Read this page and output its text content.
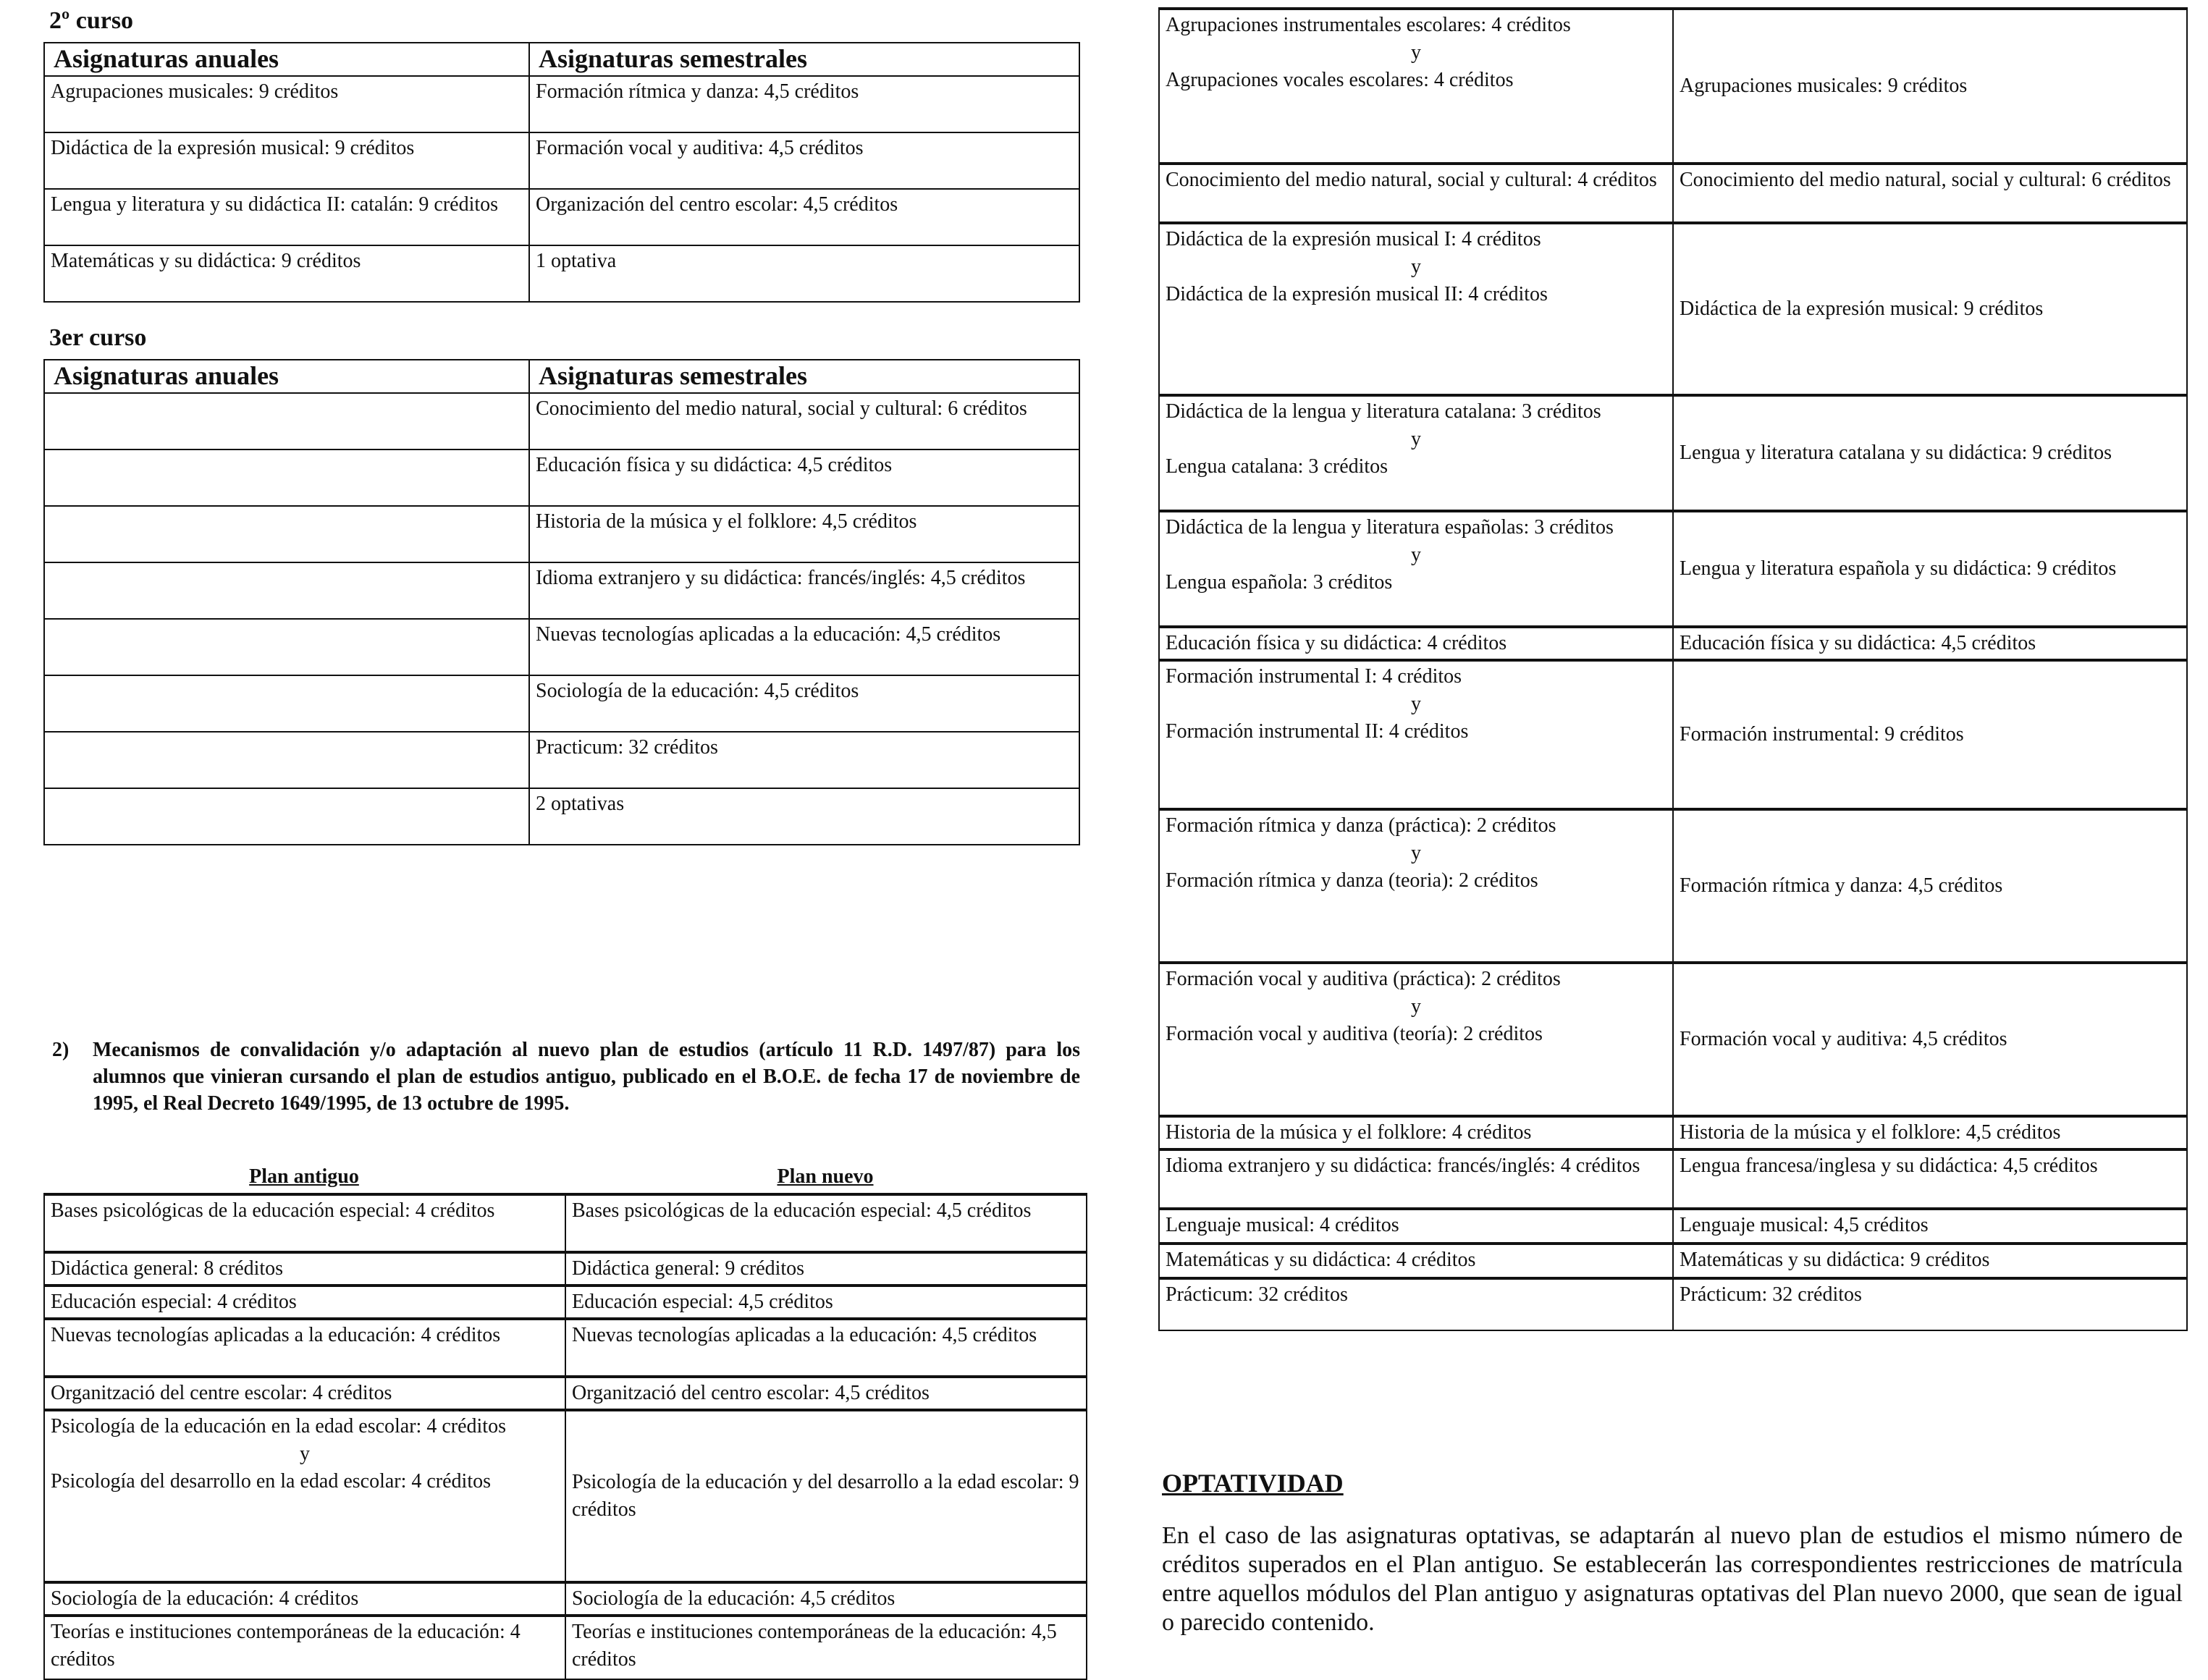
2º curso
Asignaturas anuales	Asignaturas semestrales
Agrupaciones musicales: 9 créditos	Formación rítmica y danza: 4,5 créditos
Didáctica de la expresión musical: 9 créditos	Formación vocal y auditiva: 4,5 créditos
Lengua y literatura y su didáctica II: catalán: 9 créditos	Organización del centro escolar: 4,5 créditos
Matemáticas y su didáctica: 9 créditos	1 optativa
3er curso
Asignaturas anuales	Asignaturas semestrales
	Conocimiento del medio natural, social y cultural: 6 créditos
	Educación física y su didáctica: 4,5 créditos
	Historia de la música y el folklore: 4,5 créditos
	Idioma extranjero y su didáctica: francés/inglés: 4,5 créditos
	Nuevas tecnologías aplicadas a la educación: 4,5 créditos
	Sociología de la educación: 4,5 créditos
	Practicum: 32 créditos
	2 optativas
2) Mecanismos de convalidación y/o adaptación al nuevo plan de estudios (artículo 11 R.D. 1497/87) para los alumnos que vinieran cursando el plan de estudios antiguo, publicado en el B.O.E. de fecha 17 de noviembre de 1995, el Real Decreto 1649/1995, de 13 octubre de 1995.
Plan antiguo	Plan nuevo
Bases psicológicas de la educación especial: 4 créditos	Bases psicológicas de la educación especial: 4,5 créditos

Didáctica general: 8 créditos	Didáctica general: 9 créditos

Educación especial: 4 créditos	Educación especial: 4,5 créditos

Nuevas tecnologías aplicadas a la educación: 4 créditos	Nuevas tecnologías aplicadas a la educación: 4,5 créditos

Organització del centre escolar: 4 créditos	Organització del centro escolar: 4,5 créditos

Psicología de la educación en la edad escolar: 4 créditos
y
Psicología del desarrollo en la edad escolar: 4 créditos	Psicología de la educación y del desarrollo a la edad escolar: 9 créditos

Sociología de la educación: 4 créditos	Sociología de la educación: 4,5 créditos

Teorías e instituciones contemporáneas de la educación: 4 créditos	Teorías e instituciones contemporáneas de la educación: 4,5 créditos
Agrupaciones instrumentales escolares: 4 créditos
y
Agrupaciones vocales escolares: 4 créditos	Agrupaciones musicales: 9 créditos

Conocimiento del medio natural, social y cultural: 4 créditos	Conocimiento del medio natural, social y cultural: 6 créditos

Didáctica de la expresión musical I: 4 créditos
y
Didáctica de la expresión musical II: 4 créditos	Didáctica de la expresión musical: 9 créditos

Didáctica de la lengua y literatura catalana: 3 créditos
y
Lengua catalana: 3 créditos	Lengua y literatura catalana y su didáctica: 9 créditos

Didáctica de la lengua y literatura españolas: 3 créditos
y
Lengua española: 3 créditos	Lengua y literatura española y su didáctica: 9 créditos

Educación física y su didáctica: 4 créditos	Educación física y su didáctica: 4,5 créditos

Formación instrumental I: 4 créditos
y
Formación instrumental II: 4 créditos	Formación instrumental: 9 créditos

Formación rítmica y danza (práctica): 2 créditos
y
Formación rítmica y danza (teoria): 2 créditos	Formación rítmica y danza: 4,5 créditos

Formación vocal y auditiva (práctica): 2 créditos
y
Formación vocal y auditiva (teoría): 2 créditos	Formación vocal y auditiva: 4,5 créditos

Historia de la música y el folklore: 4 créditos	Historia de la música y el folklore: 4,5 créditos

Idioma extranjero y su didáctica: francés/inglés: 4 créditos	Lengua francesa/inglesa y su didáctica: 4,5 créditos

Lenguaje musical: 4 créditos	Lenguaje musical: 4,5 créditos

Matemáticas y su didáctica: 4 créditos	Matemáticas y su didáctica: 9 créditos

Prácticum: 32 créditos	Prácticum: 32 créditos
OPTATIVIDAD
En el caso de las asignaturas optativas, se adaptarán al nuevo plan de estudios el mismo número de créditos superados en el Plan antiguo. Se establecerán las correspondientes restricciones de matrícula entre aquellos módulos del Plan antiguo y asignaturas optativas del Plan nuevo 2000, que sean de igual o parecido contenido.
